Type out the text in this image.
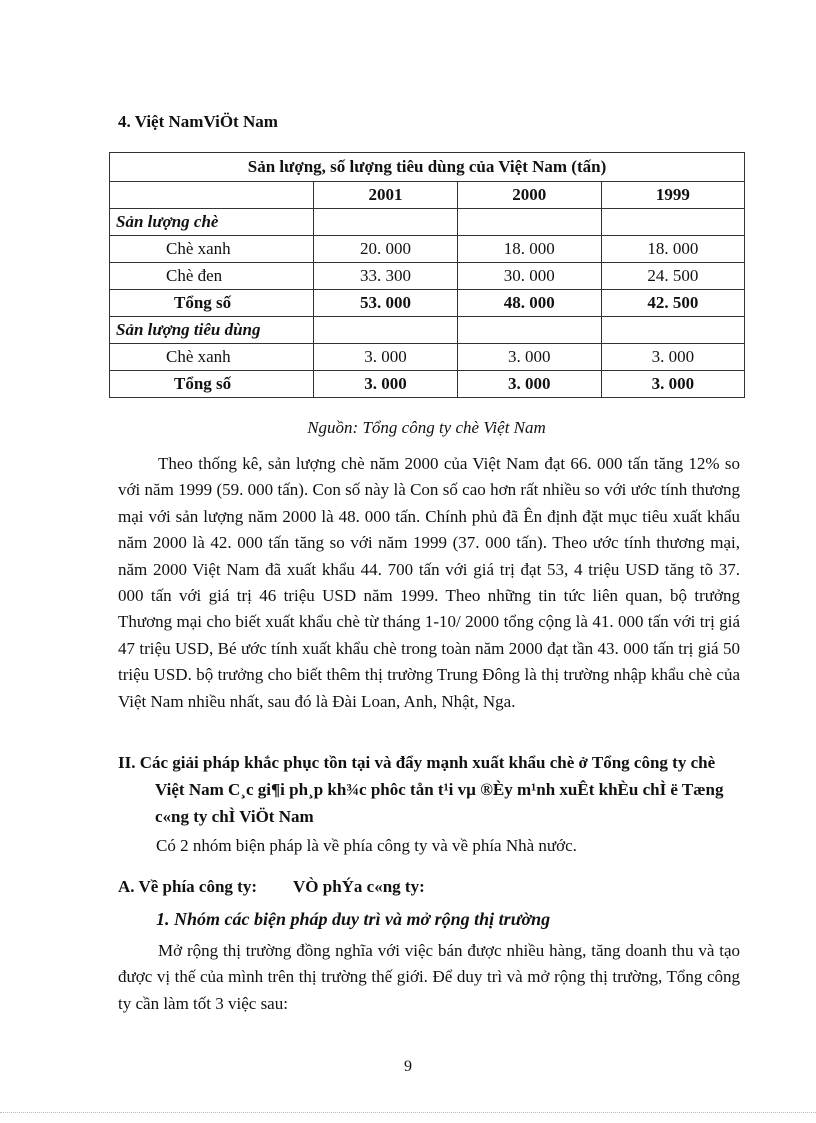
4. Việt NamViÖt Nam
Sản lượng, số lượng tiêu dùng của Việt Nam (tấn)			
	2001	2000	1999
Sản lượng chè			
Chè xanh	20. 000	18. 000	18. 000
Chè đen	33. 300	30. 000	24. 500
Tổng số	53. 000	48. 000	42. 500
Sản lượng tiêu dùng			
Chè xanh	3. 000	3. 000	3. 000
Tổng số	3. 000	3. 000	3. 000
Nguồn: Tổng công ty chè Việt Nam
Theo thống kê, sản lượng chè năm 2000 của Việt Nam đạt 66. 000 tấn tăng 12% so với năm 1999 (59. 000 tấn). Con số này là Con số cao hơn rất nhiều so với ước tính thương mại với sản lượng năm 2000 là 48. 000 tấn. Chính phủ đã Ên định đặt mục tiêu xuất khẩu năm 2000 là 42. 000 tấn tăng so với năm 1999 (37. 000 tấn). Theo ước tính thương mại, năm 2000 Việt Nam đã xuất khẩu 44. 700 tấn với giá trị đạt 53, 4 triệu USD tăng tõ 37. 000 tấn với giá trị 46 triệu USD năm 1999. Theo những tin tức liên quan, bộ trưởng Thương mại cho biết xuất khẩu chè từ tháng 1-10/ 2000 tổng cộng là 41. 000 tấn với trị giá 47 triệu USD, Bé ước tính xuất khẩu chè trong toàn năm 2000 đạt tần 43. 000 tấn trị giá 50 triệu USD. bộ trưởng cho biết thêm thị trường Trung Đông là thị trường nhập khẩu chè của Việt Nam nhiều nhất, sau đó là Đài Loan, Anh, Nhật, Nga.
II. Các giải pháp khắc phục tồn tại và đẩy mạnh xuất khẩu chè ở Tổng công ty chè Việt Nam C¸c gi¶i ph¸p kh¾c phôc tån t¹i vµ ®Èy m¹nh xuÊt khÈu chÌ ë Tæng c«ng ty chÌ ViÖt Nam
Có 2 nhóm biện pháp là về phía công ty và về phía Nhà nước.
A. Về phía công ty: VÒ phÝa c«ng ty:
1. Nhóm các biện pháp duy trì và mở rộng thị trường
Mở rộng thị trường đồng nghĩa với việc bán được nhiều hàng, tăng doanh thu và tạo được vị thế của mình trên thị trường thế giới. Để duy trì và mở rộng thị trường, Tổng công ty cần làm tốt 3 việc sau:
9
